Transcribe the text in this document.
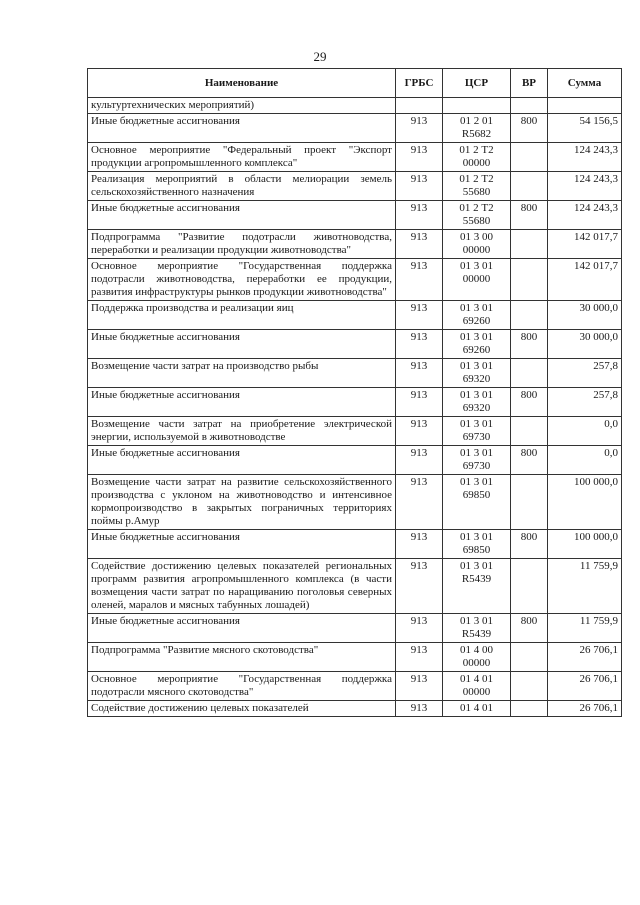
29
Наименование	ГРБС	ЦСР	ВР	Сумма
культуртехнических мероприятий)				
Иные бюджетные ассигнования	913	01 2 01 R5682	800	54 156,5
Основное мероприятие "Федеральный проект "Экспорт продукции агропромышленного комплекса"	913	01 2 Т2 00000		124 243,3
Реализация мероприятий в области мелиорации земель сельскохозяйственного назначения	913	01 2 Т2 55680		124 243,3
Иные бюджетные ассигнования	913	01 2 Т2 55680	800	124 243,3
Подпрограмма "Развитие подотрасли животноводства, переработки и реализации продукции животноводства"	913	01 3 00 00000		142 017,7
Основное мероприятие "Государственная поддержка подотрасли животноводства, переработки ее продукции, развития инфраструктуры рынков продукции животноводства"	913	01 3 01 00000		142 017,7
Поддержка производства и реализации яиц	913	01 3 01 69260		30 000,0
Иные бюджетные ассигнования	913	01 3 01 69260	800	30 000,0
Возмещение части затрат на производство рыбы	913	01 3 01 69320		257,8
Иные бюджетные ассигнования	913	01 3 01 69320	800	257,8
Возмещение части затрат на приобретение электрической энергии, используемой в животноводстве	913	01 3 01 69730		0,0
Иные бюджетные ассигнования	913	01 3 01 69730	800	0,0
Возмещение части затрат на развитие сельскохозяйственного производства с уклоном на животноводство и интенсивное кормопроизводство в закрытых пограничных территориях поймы р.Амур	913	01 3 01 69850		100 000,0
Иные бюджетные ассигнования	913	01 3 01 69850	800	100 000,0
Содействие достижению целевых показателей региональных программ развития агропромышленного комплекса (в части возмещения части затрат по наращиванию поголовья северных оленей, маралов и мясных табунных лошадей)	913	01 3 01 R5439		11 759,9
Иные бюджетные ассигнования	913	01 3 01 R5439	800	11 759,9
Подпрограмма "Развитие мясного скотоводства"	913	01 4 00 00000		26 706,1
Основное мероприятие "Государственная поддержка подотрасли мясного скотоводства"	913	01 4 01 00000		26 706,1
Содействие достижению целевых показателей	913	01 4 01		26 706,1
